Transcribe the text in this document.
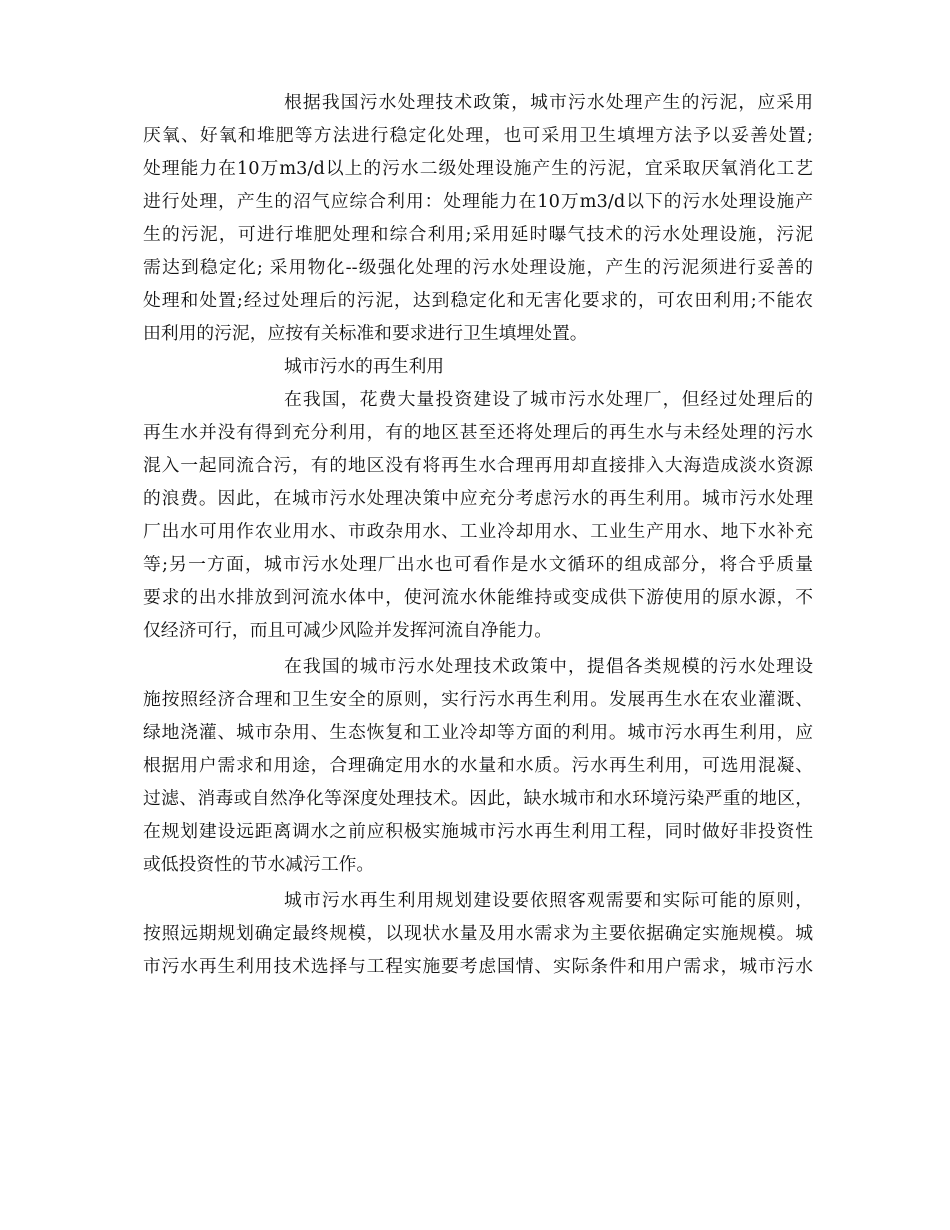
根据我国污水处理技术政策，城市污水处理产生的污泥，应采用
厌氧、好氧和堆肥等方法进行稳定化处理，也可采用卫生填埋方法予以妥善处置;
处理能力在10万m3/d以上的污水二级处理设施产生的污泥，宜采取厌氧消化工艺
进行处理，产生的沼气应综合利用：处理能力在10万m3/d以下的污水处理设施产
生的污泥，可进行堆肥处理和综合利用;采用延时曝气技术的污水处理设施，污泥
需达到稳定化; 采用物化--级强化处理的污水处理设施，产生的污泥须进行妥善的
处理和处置;经过处理后的污泥，达到稳定化和无害化要求的，可农田利用;不能农
田利用的污泥，应按有关标准和要求进行卫生填埋处置。
城市污水的再生利用
在我国，花费大量投资建设了城市污水处理厂，但经过处理后的
再生水并没有得到充分利用，有的地区甚至还将处理后的再生水与未经处理的污水
混入一起同流合污，有的地区没有将再生水合理再用却直接排入大海造成淡水资源
的浪费。因此，在城市污水处理决策中应充分考虑污水的再生利用。城市污水处理
厂出水可用作农业用水、市政杂用水、工业冷却用水、工业生产用水、地下水补充
等;另一方面，城市污水处理厂出水也可看作是水文循环的组成部分，将合乎质量
要求的出水排放到河流水体中，使河流水休能维持或变成供下游使用的原水源，不
仅经济可行，而且可减少风险并发挥河流自净能力。
在我国的城市污水处理技术政策中，提倡各类规模的污水处理设
施按照经济合理和卫生安全的原则，实行污水再生利用。发展再生水在农业灌溉、
绿地浇灌、城市杂用、生态恢复和工业冷却等方面的利用。城市污水再生利用，应
根据用户需求和用途，合理确定用水的水量和水质。污水再生利用，可选用混凝、
过滤、消毒或自然净化等深度处理技术。因此，缺水城市和水环境污染严重的地区，
在规划建设远距离调水之前应积极实施城市污水再生利用工程，同时做好非投资性
或低投资性的节水减污工作。
城市污水再生利用规划建设要依照客观需要和实际可能的原则，
按照远期规划确定最终规模，以现状水量及用水需求为主要依据确定实施规模。城
市污水再生利用技术选择与工程实施要考虑国情、实际条件和用户需求，城市污水
